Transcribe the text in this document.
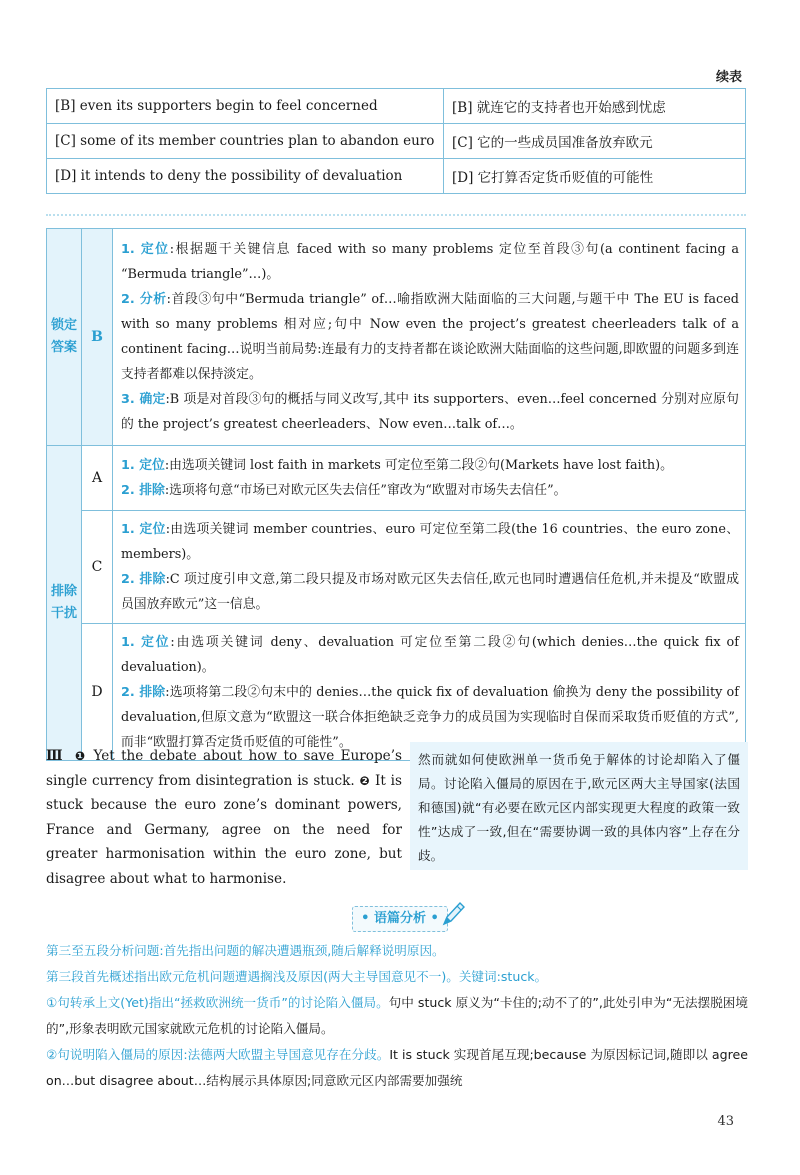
续表
[B] even its supporters begin to feel concerned	[B] 就连它的支持者也开始感到忧虑
[C] some of its member countries plan to abandon euro	[C] 它的一些成员国准备放弃欧元
[D] it intends to deny the possibility of devaluation	[D] 它打算否定货币贬值的可能性
锁定答案	B	1. 定位:根据题干关键信息 faced with so many problems 定位至首段③句(a continent facing a “Bermuda triangle”…)。

2. 分析:首段③句中“Bermuda triangle” of…喻指欧洲大陆面临的三大问题,与题干中 The EU is faced with so many problems 相对应;句中 Now even the project’s greatest cheerleaders talk of a continent facing…说明当前局势:连最有力的支持者都在谈论欧洲大陆面临的这些问题,即欧盟的问题多到连支持者都难以保持淡定。

3. 确定:B 项是对首段③句的概括与同义改写,其中 its supporters、even…feel concerned 分别对应原句的 the project’s greatest cheerleaders、Now even…talk of…。

排除干扰	A	1. 定位:由选项关键词 lost faith in markets 可定位至第二段②句(Markets have lost faith)。

2. 排除:选项将句意“市场已对欧元区失去信任”窜改为“欧盟对市场失去信任”。

	C	1. 定位:由选项关键词 member countries、euro 可定位至第二段(the 16 countries、the euro zone、members)。

2. 排除:C 项过度引申文意,第二段只提及市场对欧元区失去信任,欧元也同时遭遇信任危机,并未提及“欧盟成员国放弃欧元”这一信息。

	D	1. 定位:由选项关键词 deny、devaluation 可定位至第二段②句(which denies…the quick fix of devaluation)。

2. 排除:选项将第二段②句末中的 denies…the quick fix of devaluation 偷换为 deny the possibility of devaluation,但原文意为“欧盟这一联合体拒绝缺乏竞争力的成员国为实现临时自保而采取货币贬值的方式”,而非“欧盟打算否定货币贬值的可能性”。

Ⅲ ❶ Yet the debate about how to save Europe’s single currency from disintegration is stuck. ❷ It is stuck because the euro zone’s dominant powers, France and Germany, agree on the need for greater harmonisation within the euro zone, but disagree about what to harmonise.
然而就如何使欧洲单一货币免于解体的讨论却陷入了僵局。讨论陷入僵局的原因在于,欧元区两大主导国家(法国和德国)就“有必要在欧元区内部实现更大程度的政策一致性”达成了一致,但在“需要协调一致的具体内容”上存在分歧。
• 语篇分析 •

第三至五段分析问题:首先指出问题的解决遭遇瓶颈,随后解释说明原因。

第三段首先概述指出欧元危机问题遭遇搁浅及原因(两大主导国意见不一)。关键词:stuck。

①句转承上文(Yet)指出“拯救欧洲统一货币”的讨论陷入僵局。句中 stuck 原义为“卡住的;动不了的”,此处引申为“无法摆脱困境的”,形象表明欧元国家就欧元危机的讨论陷入僵局。

②句说明陷入僵局的原因:法德两大欧盟主导国意见存在分歧。It is stuck 实现首尾互现;because 为原因标记词,随即以 agree on…but disagree about…结构展示具体原因;同意欧元区内部需要加强统

43
